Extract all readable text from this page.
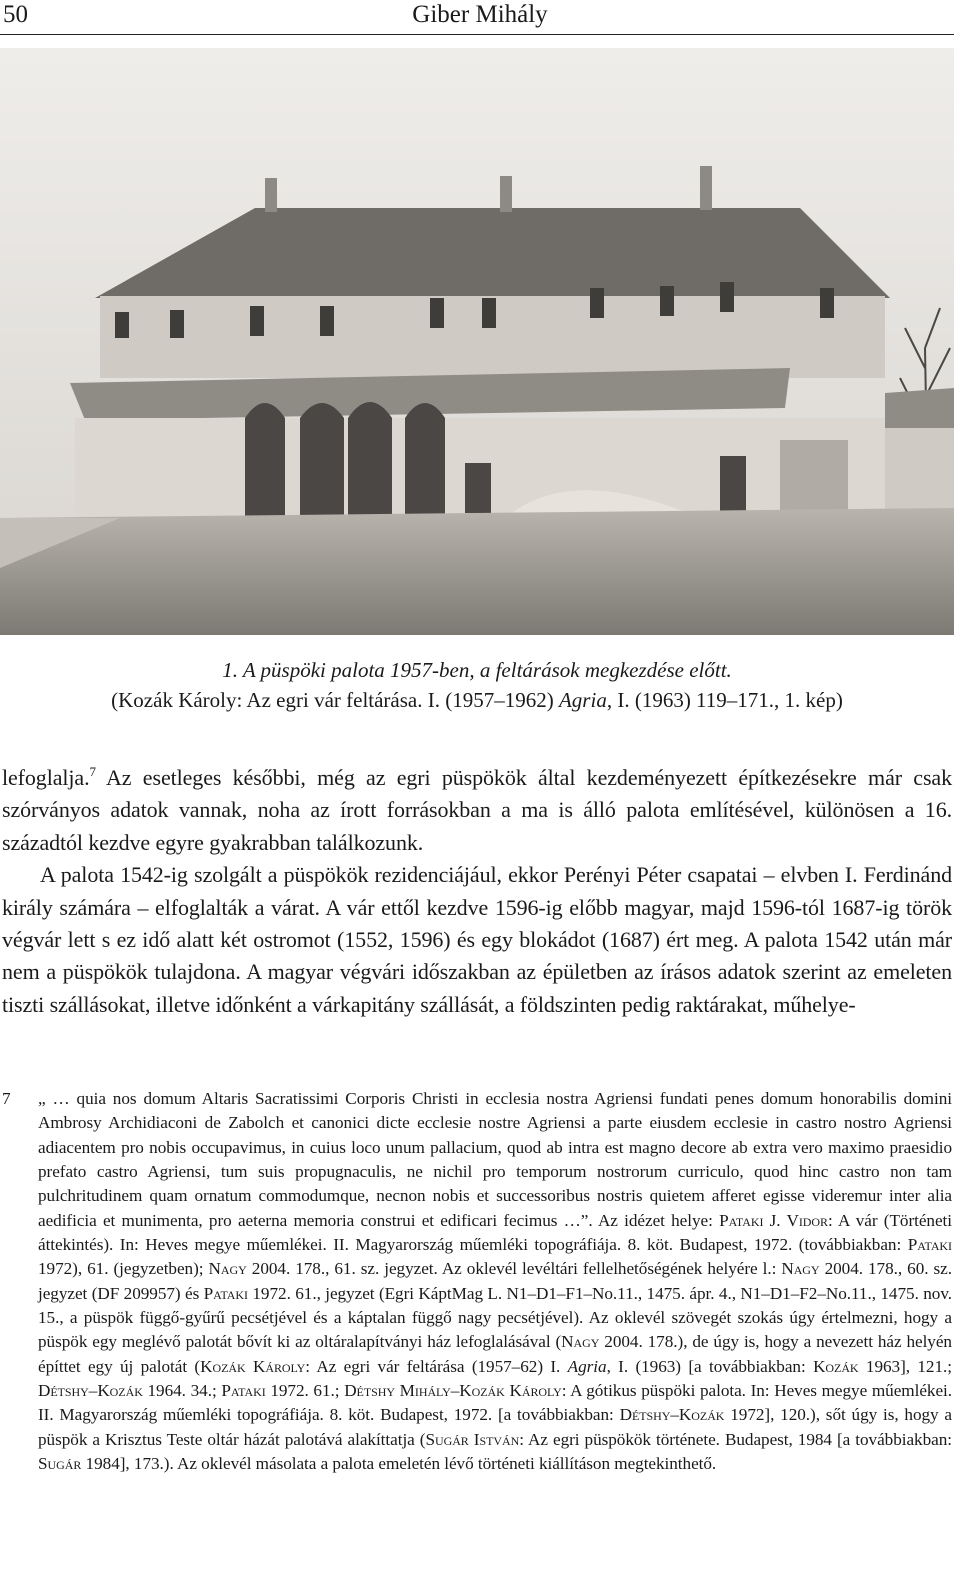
50	Giber Mihály
1. A püspöki palota 1957-ben, a feltárások megkezdése előtt.
(Kozák Károly: Az egri vár feltárása. I. (1957–1962) Agria, I. (1963) 119–171., 1. kép)

lefoglalja.$^7$ Az esetleges későbbi, még az egri püspökök által kezdeményezett építkezésekre már csak szórványos adatok vannak, noha az írott forrásokban a ma is álló palota említésével, különösen a 16. századtól kezdve egyre gyakrabban találkozunk.

A palota 1542-ig szolgált a püspökök rezidenciájául, ekkor Perényi Péter csapatai – elvben I. Ferdinánd király számára – elfoglalták a várat. A vár ettől kezdve 1596-ig előbb magyar, majd 1596-tól 1687-ig török végvár lett s ez idő alatt két ostromot (1552, 1596) és egy blokádot (1687) ért meg. A palota 1542 után már nem a püspökök tulajdona. A magyar végvári időszakban az épületben az írásos adatok szerint az emeleten tiszti szállásokat, illetve időnként a várkapitány szállását, a földszinten pedig raktárakat, műhelye-

7	„ … quia nos domum Altaris Sacratissimi Corporis Christi in ecclesia nostra Agriensi fundati penes domum honorabilis domini Ambrosy Archidiaconi de Zabolch et canonici dicte ecclesie nostre Agriensi a parte eiusdem ecclesie in castro nostro Agriensi adiacentem pro nobis occupavimus, in cuius loco unum pallacium, quod ab intra est magno decore ab extra vero maximo praesidio prefato castro Agriensi, tum suis propugnaculis, ne nichil pro temporum nostrorum curriculo, quod hinc castro non tam pulchritudinem quam ornatum commodumque, necnon nobis et successoribus nostris quietem afferet egisse videremur inter alia aedificia et munimenta, pro aeterna memoria construi et edificari fecimus …”. Az idézet helye: Pataki J. Vidor: A vár (Történeti áttekintés). In: Heves megye műemlékei. II. Magyarország műemléki topográfiája. 8. köt. Budapest, 1972. (továbbiakban: Pataki 1972), 61. (jegyzetben); Nagy 2004. 178., 61. sz. jegyzet. Az oklevél levéltári fellelhetőségének helyére l.: Nagy 2004. 178., 60. sz. jegyzet (DF 209957) és Pataki 1972. 61., jegyzet (Egri KáptMag L. N1–D1–F1–No.11., 1475. ápr. 4., N1–D1–F2–No.11., 1475. nov. 15., a püspök függő-gyűrű pecsétjével és a káptalan függő nagy pecsétjével). Az oklevél szövegét szokás úgy értelmezni, hogy a püspök egy meglévő palotát bővít ki az oltáralapítványi ház lefoglalásával (Nagy 2004. 178.), de úgy is, hogy a nevezett ház helyén építtet egy új palotát (Kozák Károly: Az egri vár feltárása (1957–62) I. Agria, I. (1963) [a továbbiakban: Kozák 1963], 121.; Détshy–Kozák 1964. 34.; Pataki 1972. 61.; Détshy Mihály–Kozák Károly: A gótikus püspöki palota. In: Heves megye műemlékei. II. Magyarország műemléki topográfiája. 8. köt. Budapest, 1972. [a továbbiakban: Détshy–Kozák 1972], 120.), sőt úgy is, hogy a püspök a Krisztus Teste oltár házát palotává alakíttatja (Sugár István: Az egri püspökök története. Budapest, 1984 [a továbbiakban: Sugár 1984], 173.). Az oklevél másolata a palota emeletén lévő történeti kiállításon megtekinthető.
